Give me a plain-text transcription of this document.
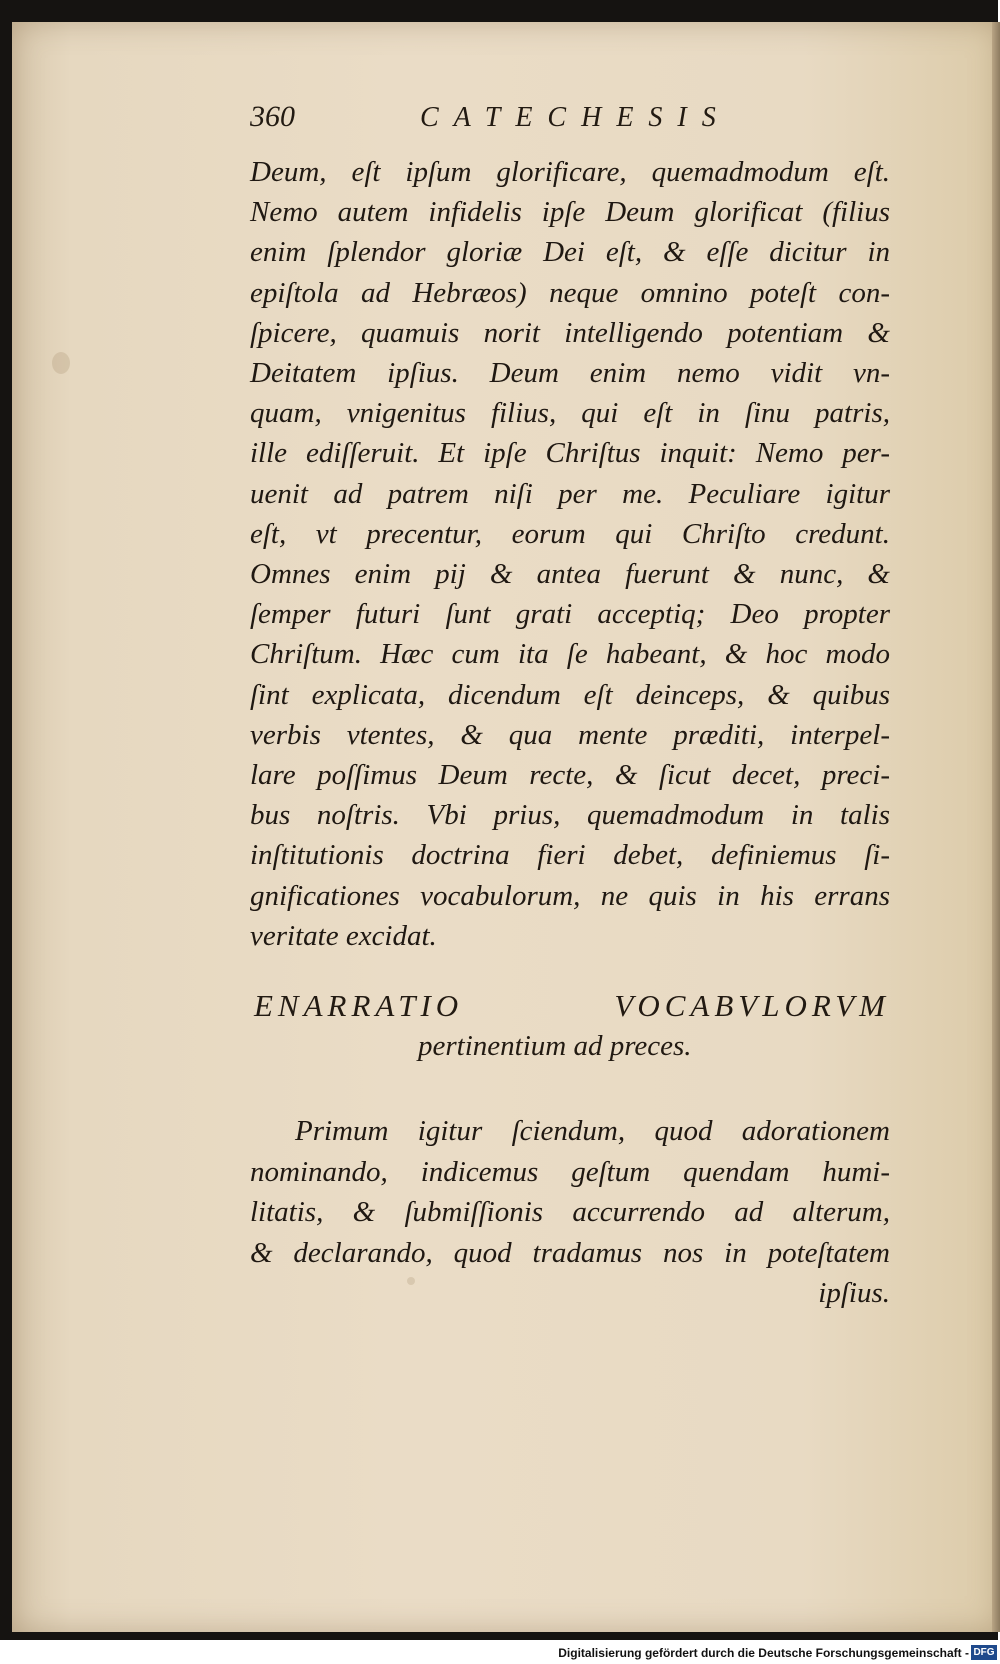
360	CATECHESIS
Deum, eſt ipſum glorificare, quemadmodum eſt.
Nemo autem infidelis ipſe Deum glorificat (filius
enim ſplendor gloriæ Dei eſt, & eſſe dicitur in
epiſtola ad Hebræos) neque omnino poteſt con-
ſpicere, quamuis norit intelligendo potentiam &
Deitatem ipſius. Deum enim nemo vidit vn-
quam, vnigenitus filius, qui eſt in ſinu patris,
ille ediſſeruit. Et ipſe Chriſtus inquit: Nemo per-
uenit ad patrem niſi per me. Peculiare igitur
eſt, vt precentur, eorum qui Chriſto credunt.
Omnes enim pij & antea fuerunt & nunc, &
ſemper futuri ſunt grati acceptiq; Deo propter
Chriſtum. Hæc cum ita ſe habeant, & hoc modo
ſint explicata, dicendum eſt deinceps, & quibus
verbis vtentes, & qua mente præditi, interpel-
lare poſſimus Deum recte, & ſicut decet, preci-
bus noſtris. Vbi prius, quemadmodum in talis
inſtitutionis doctrina fieri debet, definiemus ſi-
gnificationes vocabulorum, ne quis in his errans
veritate excidat.
ENARRATIO VOCABVLORVM
pertinentium ad preces.
Primum igitur ſciendum, quod adorationem
nominando, indicemus geſtum quendam humi-
litatis, & ſubmiſſionis accurrendo ad alterum,
& declarando, quod tradamus nos in poteſtatem
ipſius.
Digitalisierung gefördert durch die Deutsche Forschungsgemeinschaft - DFG
